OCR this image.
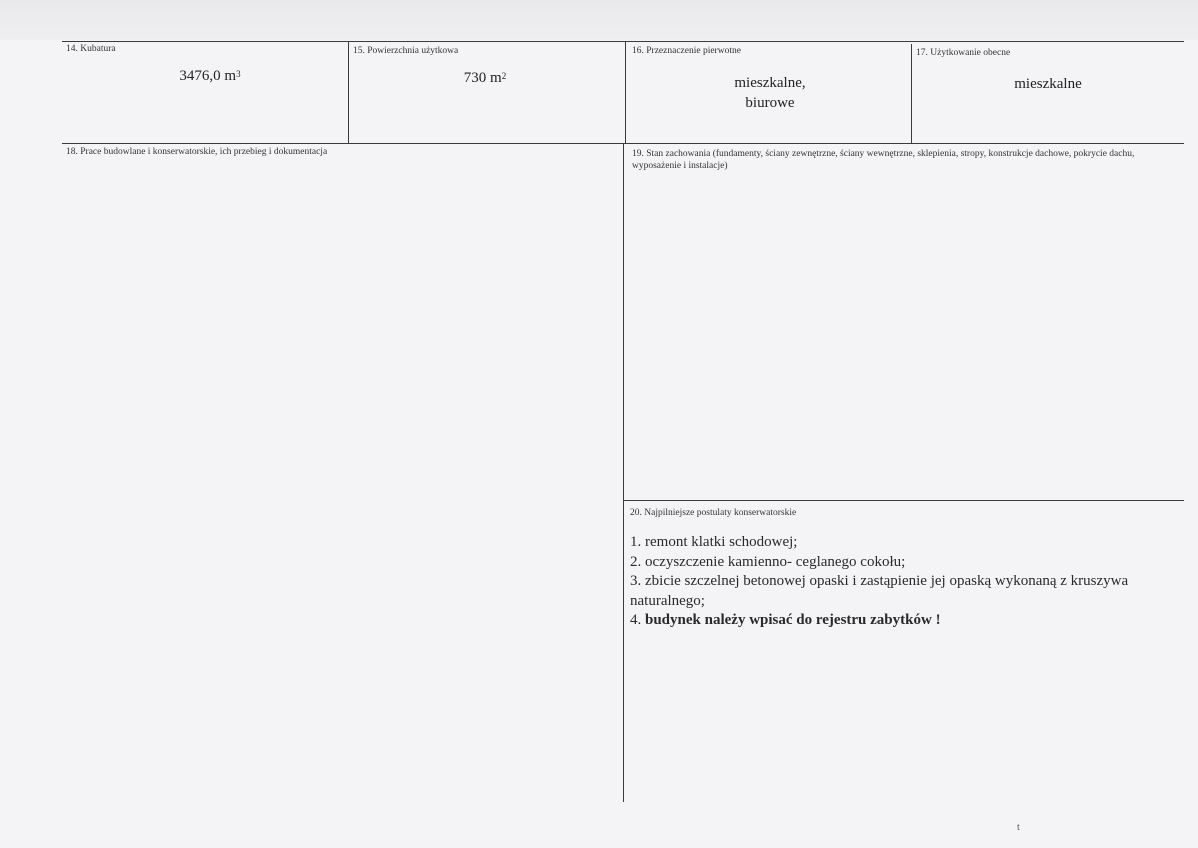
14. Kubatura
3476,0 $m^3$
15. Powierzchnia użytkowa
730 $m^2$
16. Przeznaczenie pierwotne
mieszkalne,
biurowe
17. Użytkowanie obecne
mieszkalne
18. Prace budowlane i konserwatorskie, ich przebieg i dokumentacja	19. Stan zachowania (fundamenty, ściany zewnętrzne, ściany wewnętrzne, sklepienia, stropy, konstrukcje dachowe, pokrycie dachu, wyposażenie i instalacje)
20. Najpilniejsze postulaty konserwatorskie
1. remont klatki schodowej;
2. oczyszczenie kamienno- ceglanego cokołu;
3. zbicie szczelnej betonowej opaski i zastąpienie jej opaską wykonaną z kruszywa naturalnego;
4. budynek należy wpisać do rejestru zabytków !
t
